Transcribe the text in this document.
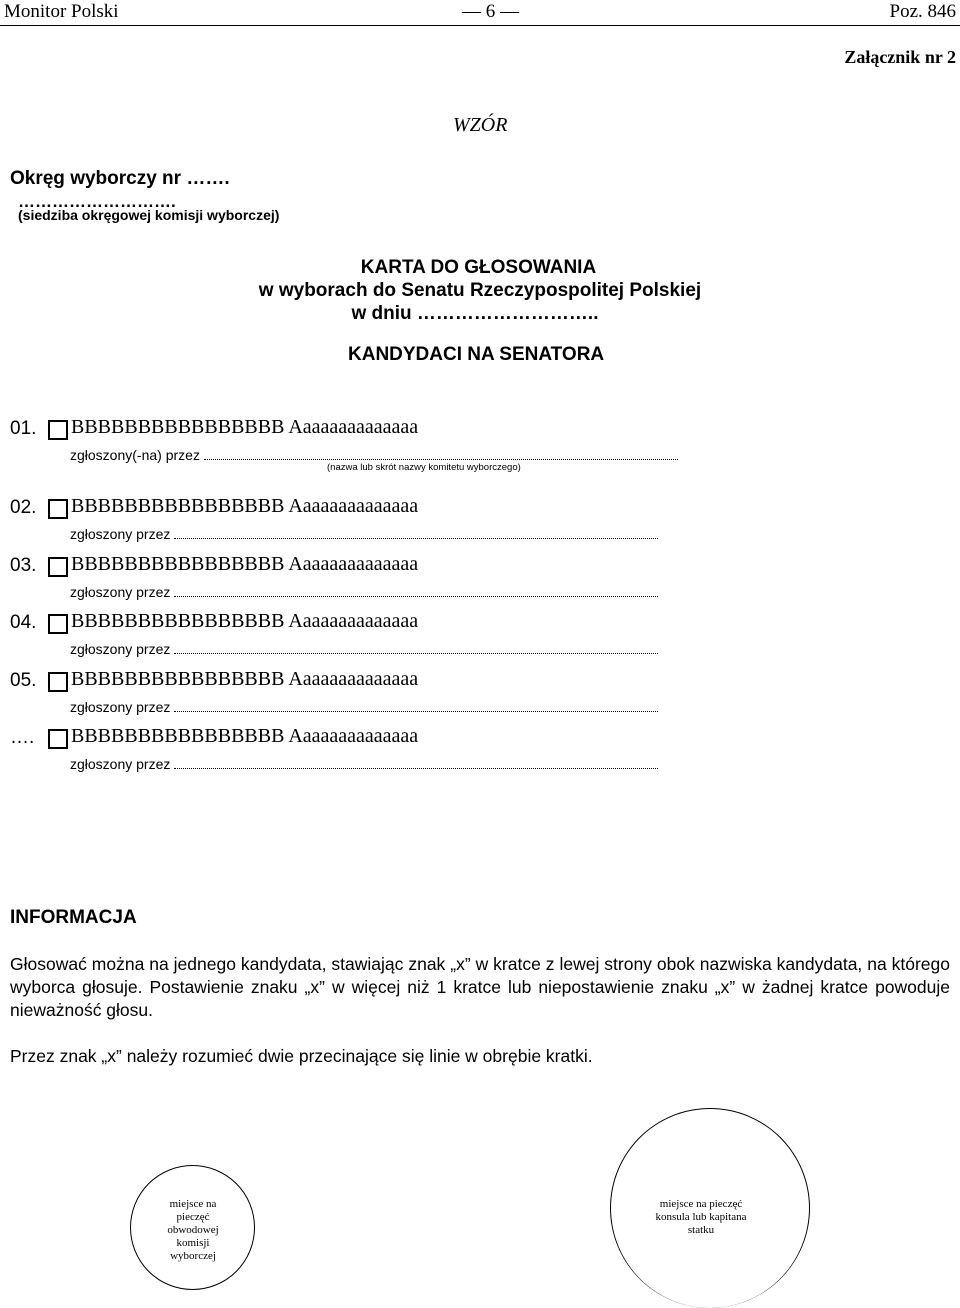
Monitor Polski	— 6 —	Poz. 846
Załącznik nr 2
WZÓR
Okręg wyborczy nr …….
……………………….
(siedziba okręgowej komisji wyborczej)
KARTA DO GŁOSOWANIA
w wyborach do Senatu Rzeczypospolitej Polskiej
w dniu ………………………..
KANDYDACI NA SENATORA
01. BBBBBBBBBBBBBBBB Aaaaaaaaaaaaaa
zgłoszony(-na) przez
(nazwa lub skrót nazwy komitetu wyborczego)
02. BBBBBBBBBBBBBBBB Aaaaaaaaaaaaaa
zgłoszony przez
03. BBBBBBBBBBBBBBBB Aaaaaaaaaaaaaa
zgłoszony przez
04. BBBBBBBBBBBBBBBB Aaaaaaaaaaaaaa
zgłoszony przez
05. BBBBBBBBBBBBBBBB Aaaaaaaaaaaaaa
zgłoszony przez
…. BBBBBBBBBBBBBBBB Aaaaaaaaaaaaaa
zgłoszony przez
INFORMACJA

Głosować można na jednego kandydata, stawiając znak „x” w kratce z lewej strony obok nazwiska kandydata, na którego wyborca głosuje. Postawienie znaku „x” w więcej niż 1 kratce lub niepostawienie znaku „x” w żadnej kratce powoduje nieważność głosu.

Przez znak „x” należy rozumieć dwie przecinające się linie w obrębie kratki.

miejsce na pieczęć obwodowej komisji wyborczej
miejsce na pieczęć konsula lub kapitana statku
